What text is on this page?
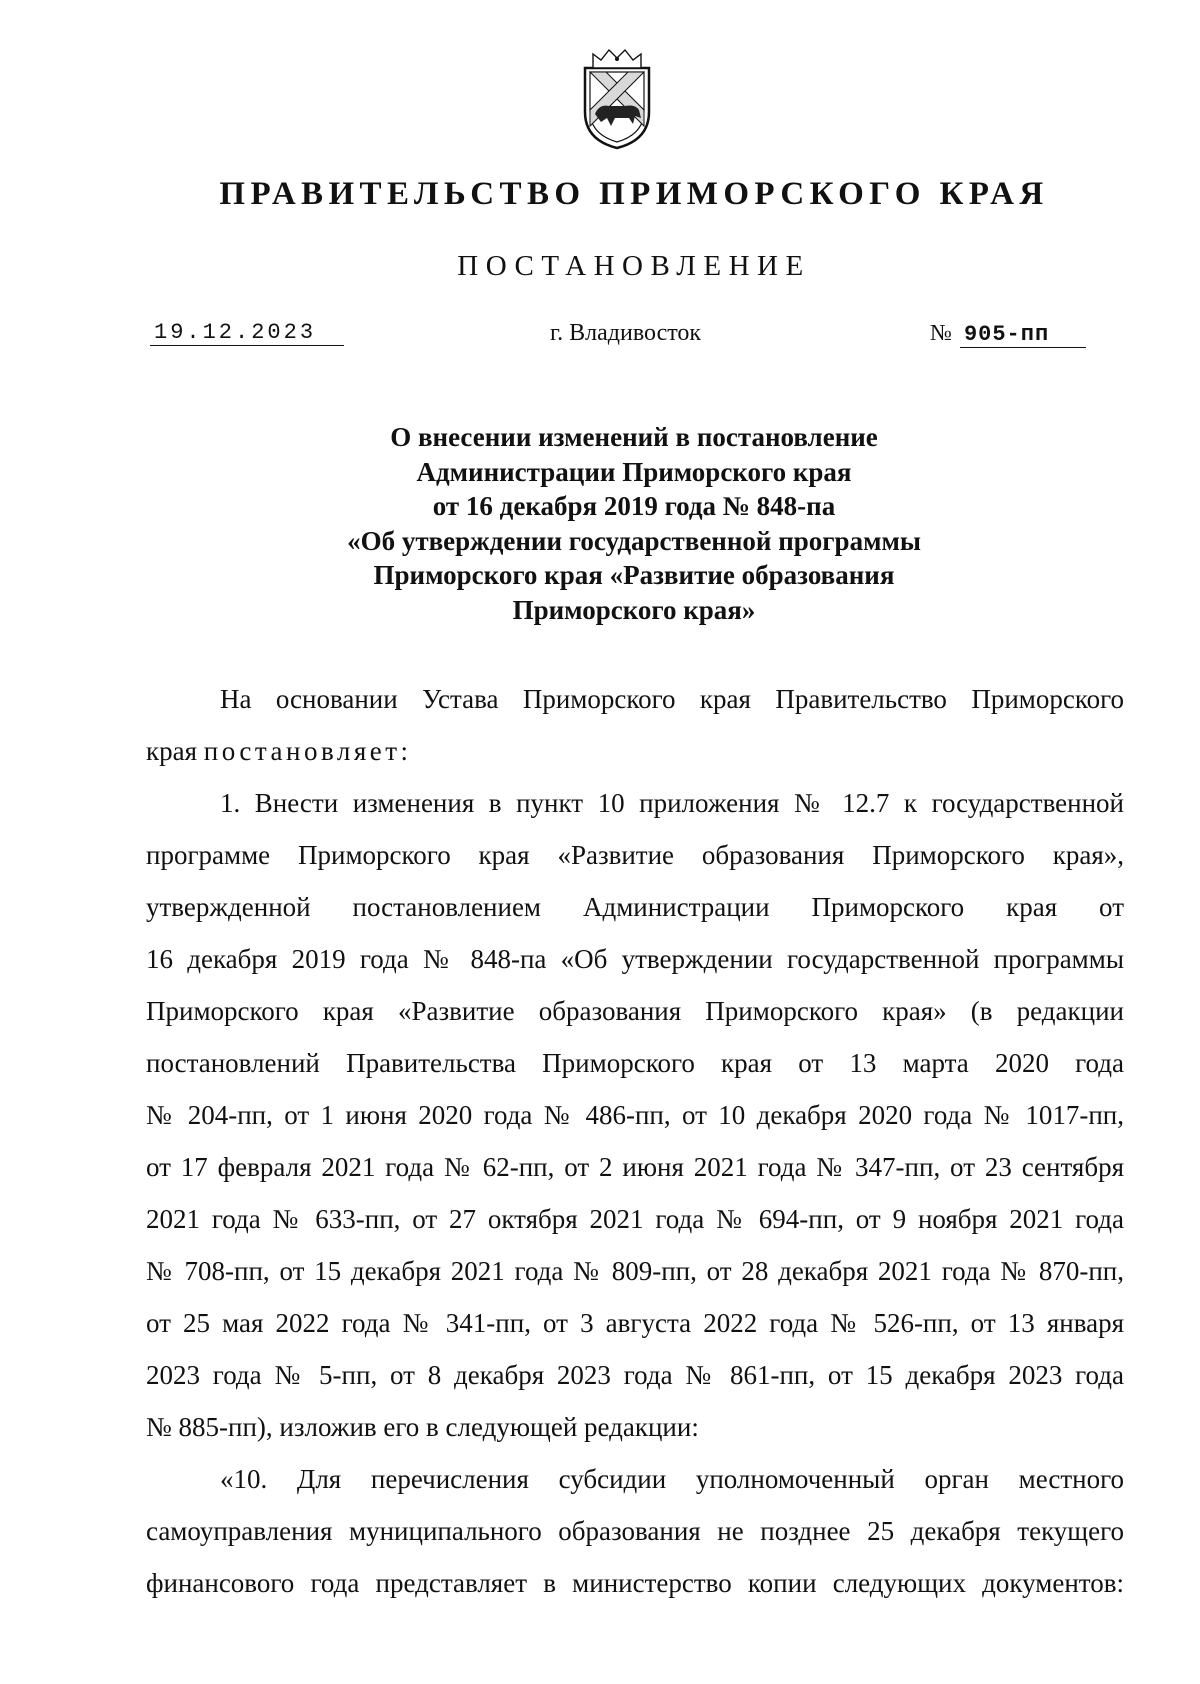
ПРАВИТЕЛЬСТВО ПРИМОРСКОГО КРАЯ
ПОСТАНОВЛЕНИЕ
19.12.2023	г. Владивосток	№ 905-пп
О внесении изменений в постановление
Администрации Приморского края
от 16 декабря 2019 года № 848-па
«Об утверждении государственной программы
Приморского края «Развитие образования
Приморского края»
На основании Устава Приморского края Правительство Приморского
края постановляет:
1. Внести изменения в пункт 10 приложения № 12.7 к государственной
программе Приморского края «Развитие образования Приморского края»,
утвержденной постановлением Администрации Приморского края от
16 декабря 2019 года № 848-па «Об утверждении государственной программы
Приморского края «Развитие образования Приморского края» (в редакции
постановлений Правительства Приморского края от 13 марта 2020 года
№ 204-пп, от 1 июня 2020 года № 486-пп, от 10 декабря 2020 года № 1017-пп,
от 17 февраля 2021 года № 62-пп, от 2 июня 2021 года № 347-пп, от 23 сентября
2021 года № 633-пп, от 27 октября 2021 года № 694-пп, от 9 ноября 2021 года
№ 708-пп, от 15 декабря 2021 года № 809-пп, от 28 декабря 2021 года № 870-пп,
от 25 мая 2022 года № 341-пп, от 3 августа 2022 года № 526-пп, от 13 января
2023 года № 5-пп, от 8 декабря 2023 года № 861-пп, от 15 декабря 2023 года
№ 885-пп), изложив его в следующей редакции:
«10. Для перечисления субсидии уполномоченный орган местного
самоуправления муниципального образования не позднее 25 декабря текущего
финансового года представляет в министерство копии следующих документов:
